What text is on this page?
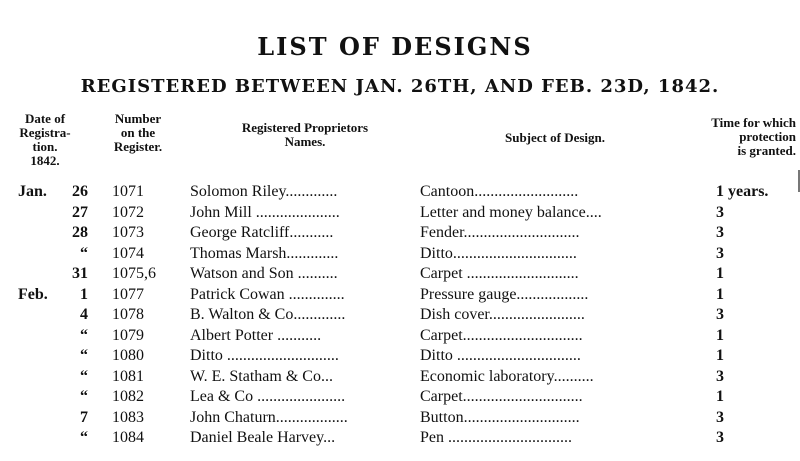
LIST OF DESIGNS
REGISTERED BETWEEN JAN. 26TH, AND FEB. 23D, 1842.
Date of
Registra-
tion.
1842.
Number
on the
Register.
Registered Proprietors
Names.	Subject of Design.
Time for which
protection
is granted.
Jan.	26 1071	Solomon Riley.............	Cantoon..........................	1 years.
27 1072	John Mill .....................	Letter and money balance....	3
28 1073	George Ratcliff...........	Fender.............................	3
“ 1074	Thomas Marsh.............	Ditto...............................	3
31 1075,6	Watson and Son ..........	Carpet ............................	1
Feb.	1 1077	Patrick Cowan ..............	Pressure gauge..................	1
4 1078	B. Walton & Co.............	Dish cover........................	3
“ 1079	Albert Potter ...........	Carpet..............................	1
“ 1080	Ditto ............................	Ditto ...............................	1
“ 1081	W. E. Statham & Co...	Economic laboratory..........	3
“ 1082	Lea & Co ......................	Carpet..............................	1
7 1083	John Chaturn..................	Button.............................	3
“ 1084	Daniel Beale Harvey...	Pen ...............................	3
